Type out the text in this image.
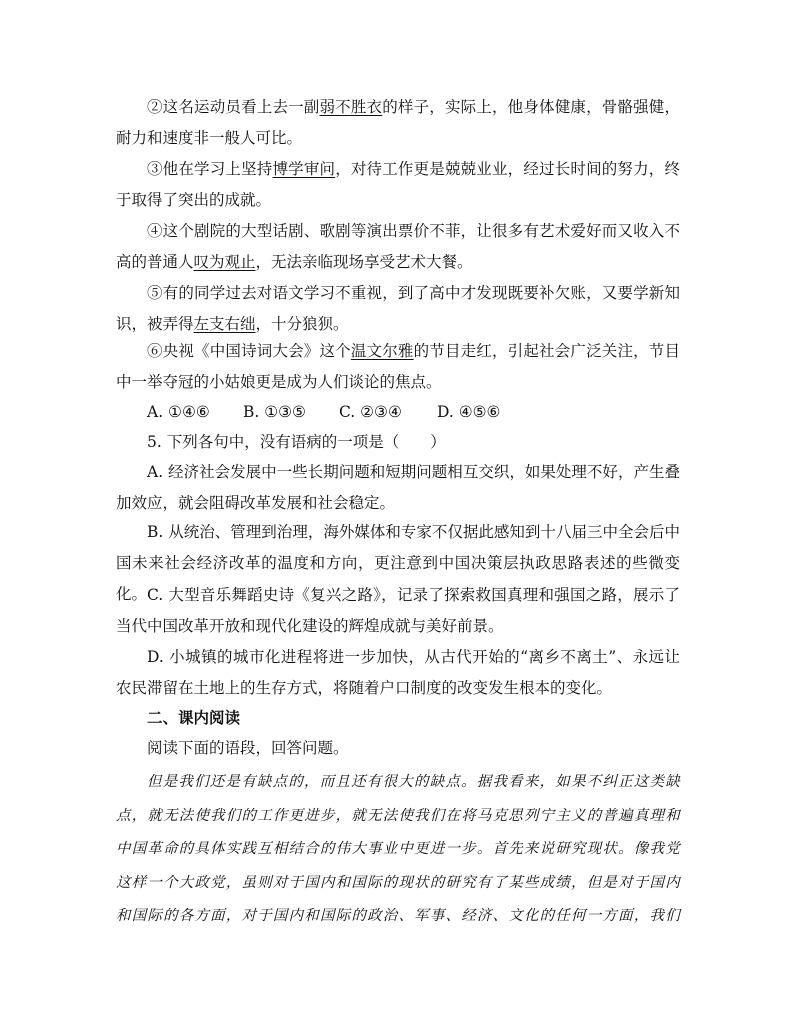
②这名运动员看上去一副弱不胜衣的样子，实际上，他身体健康，骨骼强健，耐力和速度非一般人可比。
③他在学习上坚持博学审问，对待工作更是兢兢业业，经过长时间的努力，终于取得了突出的成就。
④这个剧院的大型话剧、歌剧等演出票价不菲，让很多有艺术爱好而又收入不高的普通人叹为观止，无法亲临现场享受艺术大餐。
⑤有的同学过去对语文学习不重视，到了高中才发现既要补欠账，又要学新知识，被弄得左支右绌，十分狼狈。
⑥央视《中国诗词大会》这个温文尔雅的节目走红，引起社会广泛关注，节目中一举夺冠的小姑娘更是成为人们谈论的焦点。
A. ①④⑥ B. ①③⑤ C. ②③④ D. ④⑤⑥
5. 下列各句中，没有语病的一项是（　　）
A. 经济社会发展中一些长期问题和短期问题相互交织，如果处理不好，产生叠加效应，就会阻碍改革发展和社会稳定。
B. 从统治、管理到治理，海外媒体和专家不仅据此感知到十八届三中全会后中国未来社会经济改革的温度和方向，更注意到中国决策层执政思路表述的些微变化。 C. 大型音乐舞蹈史诗《复兴之路》，记录了探索救国真理和强国之路，展示了当代中国改革开放和现代化建设的辉煌成就与美好前景。
D. 小城镇的城市化进程将进一步加快，从古代开始的“离乡不离土”、永远让农民滞留在土地上的生存方式，将随着户口制度的改变发生根本的变化。
二、课内阅读
阅读下面的语段，回答问题。
但是我们还是有缺点的，而且还有很大的缺点。据我看来，如果不纠正这类缺
点，就无法使我们的工作更进步，就无法使我们在将马克思列宁主义的普遍真理和
中国革命的具体实践互相结合的伟大事业中更进一步。首先来说研究现状。像我党
这样一个大政党，虽则对于国内和国际的现状的研究有了某些成绩，但是对于国内
和国际的各方面，对于国内和国际的政治、军事、经济、文化的任何一方面，我们
